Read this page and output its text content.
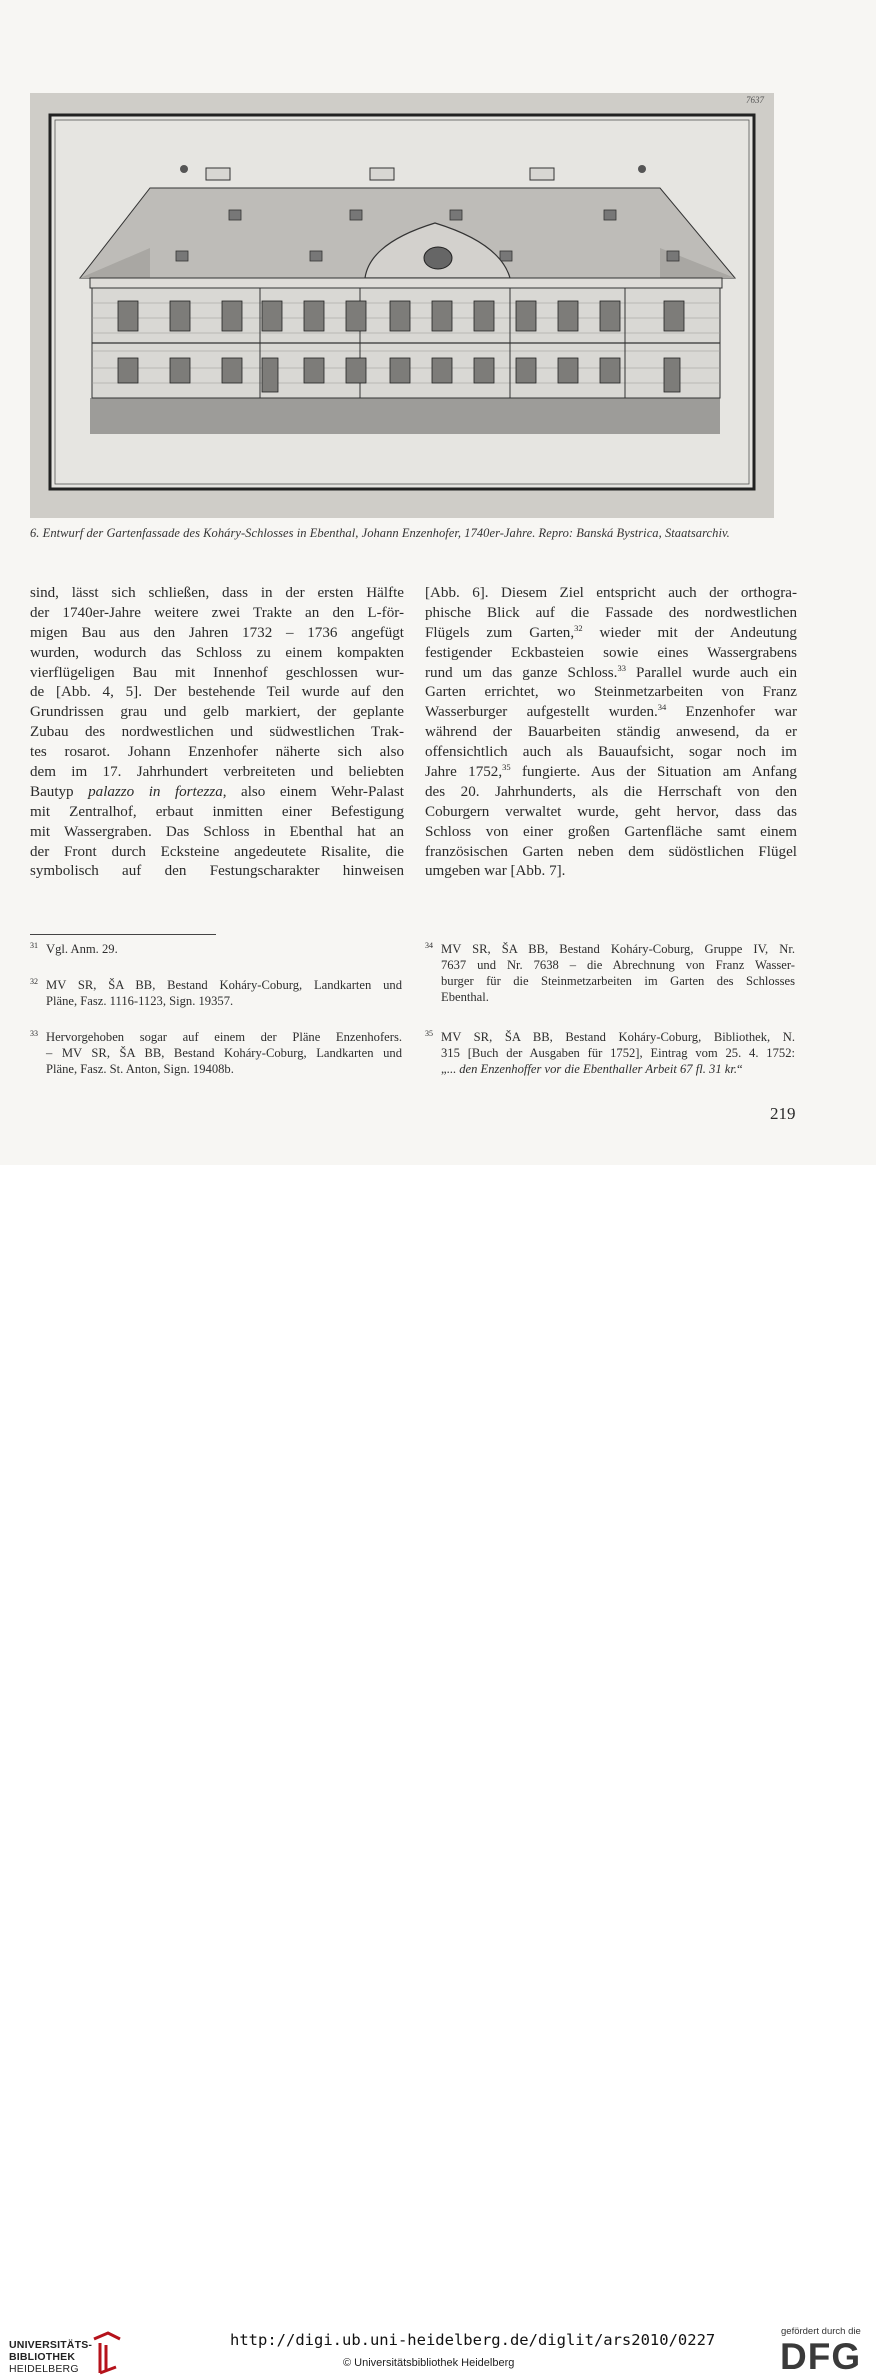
7637
6. Entwurf der Gartenfassade des Koháry-Schlosses in Ebenthal, Johann Enzenhofer, 1740er-Jahre. Repro: Banská Bystrica, Staatsarchiv.
sind, lässt sich schließen, dass in der ersten Hälfte
der 1740er-Jahre weitere zwei Trakte an den L-för-
migen Bau aus den Jahren 1732 – 1736 angefügt
wurden, wodurch das Schloss zu einem kompakten
vierflügeligen Bau mit Innenhof geschlossen wur-
de [Abb. 4, 5]. Der bestehende Teil wurde auf den
Grundrissen grau und gelb markiert, der geplante
Zubau des nordwestlichen und südwestlichen Trak-
tes rosarot. Johann Enzenhofer näherte sich also
dem im 17. Jahrhundert verbreiteten und beliebten
Bautyp palazzo in fortezza, also einem Wehr-Palast
mit Zentralhof, erbaut inmitten einer Befestigung
mit Wassergraben. Das Schloss in Ebenthal hat an
der Front durch Ecksteine angedeutete Risalite, die
symbolisch auf den Festungscharakter hinweisen
[Abb. 6]. Diesem Ziel entspricht auch der orthogra-
phische Blick auf die Fassade des nordwestlichen
Flügels zum Garten,$^{32}$ wieder mit der Andeutung
festigender Eckbasteien sowie eines Wassergrabens
rund um das ganze Schloss.$^{33}$ Parallel wurde auch ein
Garten errichtet, wo Steinmetzarbeiten von Franz
Wasserburger aufgestellt wurden.$^{34}$ Enzenhofer war
während der Bauarbeiten ständig anwesend, da er
offensichtlich auch als Bauaufsicht, sogar noch im
Jahre 1752,35 fungierte. Aus der Situation am Anfang
des 20. Jahrhunderts, als die Herrschaft von den
Coburgern verwaltet wurde, geht hervor, dass das
Schloss von einer großen Gartenfläche samt einem
französischen Garten neben dem südöstlichen Flügel
umgeben war [Abb. 7].
31 Vgl. Anm. 29.
32 MV SR, ŠA BB, Bestand Koháry-Coburg, Landkarten und
Pläne, Fasz. 1116-1123, Sign. 19357.
33 Hervorgehoben sogar auf einem der Pläne Enzenhofers.
– MV SR, ŠA BB, Bestand Koháry-Coburg, Landkarten und
Pläne, Fasz. St. Anton, Sign. 19408b.
34 MV SR, ŠA BB, Bestand Koháry-Coburg, Gruppe IV, Nr.
7637 und Nr. 7638 – die Abrechnung von Franz Wasser-
burger für die Steinmetzarbeiten im Garten des Schlosses
Ebenthal.
35 MV SR, ŠA BB, Bestand Koháry-Coburg, Bibliothek, N.
315 [Buch der Ausgaben für 1752], Eintrag vom 25. 4. 1752:
„... den Enzenhoffer vor die Ebenthaller Arbeit 67 fl. 31 kr.“
219
UNIVERSITÄTS-
BIBLIOTHEK
HEIDELBERG
http://digi.ub.uni-heidelberg.de/diglit/ars2010/0227
© Universitätsbibliothek Heidelberg
gefördert durch die
DFG
